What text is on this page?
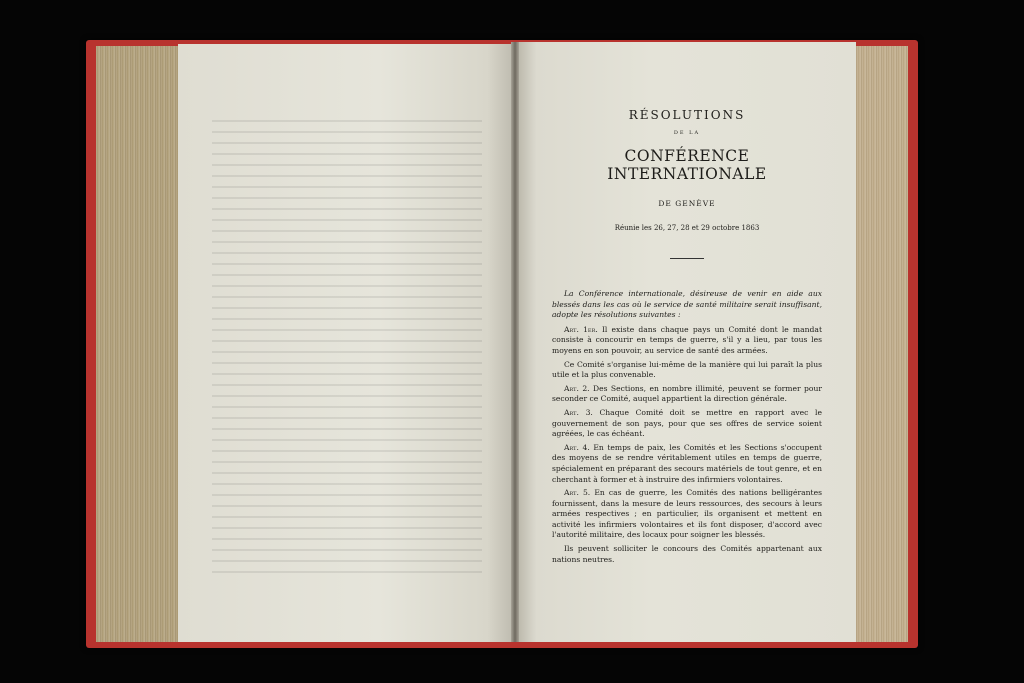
RÉSOLUTIONS
DE LA
CONFÉRENCE INTERNATIONALE
DE GENÈVE
Réunie les 26, 27, 28 et 29 octobre 1863

La Conférence internationale, désireuse de venir en aide aux blessés dans les cas où le service de santé militaire serait insuffisant, adopte les résolutions suivantes :

Art. 1er. Il existe dans chaque pays un Comité dont le mandat consiste à concourir en temps de guerre, s'il y a lieu, par tous les moyens en son pouvoir, au service de santé des armées.

Ce Comité s'organise lui-même de la manière qui lui paraît la plus utile et la plus convenable.

Art. 2. Des Sections, en nombre illimité, peuvent se former pour seconder ce Comité, auquel appartient la direction générale.

Art. 3. Chaque Comité doit se mettre en rapport avec le gouvernement de son pays, pour que ses offres de service soient agréées, le cas échéant.

Art. 4. En temps de paix, les Comités et les Sections s'occupent des moyens de se rendre véritablement utiles en temps de guerre, spécialement en préparant des secours matériels de tout genre, et en cherchant à former et à instruire des infirmiers volontaires.

Art. 5. En cas de guerre, les Comités des nations belligérantes fournissent, dans la mesure de leurs ressources, des secours à leurs armées respectives ; en particulier, ils organisent et mettent en activité les infirmiers volontaires et ils font disposer, d'accord avec l'autorité militaire, des locaux pour soigner les blessés.

Ils peuvent solliciter le concours des Comités appartenant aux nations neutres.
